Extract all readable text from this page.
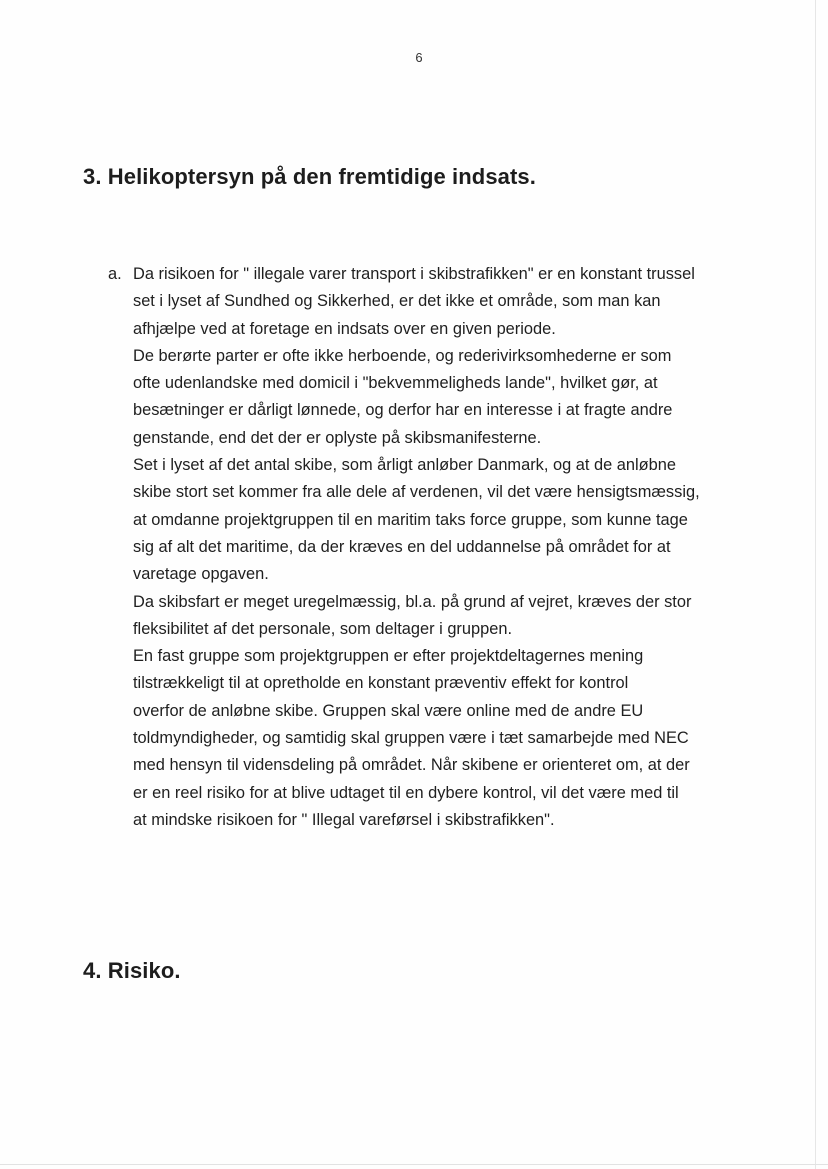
6
3. Helikoptersyn på den fremtidige indsats.
a. Da risikoen for " illegale varer transport i skibstrafikken" er en konstant trussel
set i lyset af Sundhed og Sikkerhed, er det ikke et område, som man kan
afhjælpe ved at foretage en indsats over en given periode.
De berørte parter er ofte ikke herboende, og rederivirksomhederne er som
ofte udenlandske med domicil i "bekvemmeligheds lande", hvilket gør, at
besætninger er dårligt lønnede, og derfor har en interesse i at fragte andre
genstande, end det der er oplyste på skibsmanifesterne.
Set i lyset af det antal skibe, som årligt anløber Danmark, og at de anløbne
skibe stort set kommer fra alle dele af verdenen, vil det være hensigtsmæssig,
at omdanne projektgruppen til en maritim taks force gruppe, som kunne tage
sig af alt det maritime, da der kræves en del uddannelse på området for at
varetage opgaven.
Da skibsfart er meget uregelmæssig, bl.a. på grund af vejret, kræves der stor
fleksibilitet af det personale, som deltager i gruppen.
En fast gruppe som projektgruppen er efter projektdeltagernes mening
tilstrækkeligt til at opretholde en konstant præventiv effekt for kontrol
overfor de anløbne skibe. Gruppen skal være online med de andre EU
toldmyndigheder, og samtidig skal gruppen være i tæt samarbejde med NEC
med hensyn til vidensdeling på området. Når skibene er orienteret om, at der
er en reel risiko for at blive udtaget til en dybere kontrol, vil det være med til
at mindske risikoen for " Illegal vareførsel i skibstrafikken".
4. Risiko.
